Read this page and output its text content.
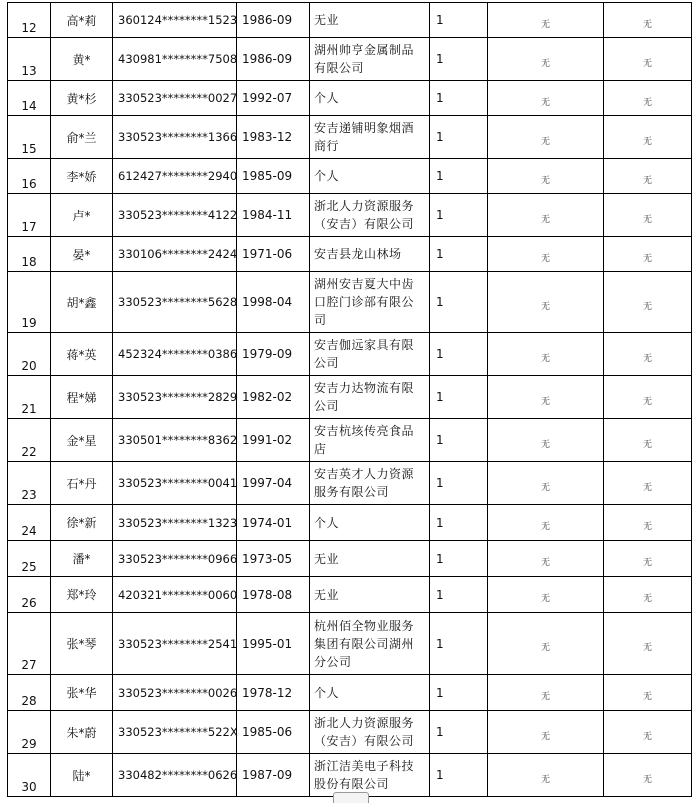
12	高*莉	360124********1523	1986-09	无业	1	无	无
13	黄*	430981********7508	1986-09	湖州帅亨金属制品有限公司	1	无	无
14	黄*杉	330523********0027	1992-07	个人	1	无	无
15	俞*兰	330523********1366	1983-12	安吉递铺明象烟酒商行	1	无	无
16	李*娇	612427********2940	1985-09	个人	1	无	无
17	卢*	330523********4122	1984-11	浙北人力资源服务（安吉）有限公司	1	无	无
18	晏*	330106********2424	1971-06	安吉县龙山林场	1	无	无
19	胡*鑫	330523********5628	1998-04	湖州安吉夏大中齿口腔门诊部有限公司	1	无	无
20	蒋*英	452324********0386	1979-09	安吉伽远家具有限公司	1	无	无
21	程*娣	330523********2829	1982-02	安吉力达物流有限公司	1	无	无
22	金*星	330501********8362	1991-02	安吉杭垓传亮食品店	1	无	无
23	石*丹	330523********0041	1997-04	安吉英才人力资源服务有限公司	1	无	无
24	徐*新	330523********1323	1974-01	个人	1	无	无
25	潘*	330523********0966	1973-05	无业	1	无	无
26	郑*玲	420321********0060	1978-08	无业	1	无	无
27	张*琴	330523********2541	1995-01	杭州佰全物业服务集团有限公司湖州分公司	1	无	无
28	张*华	330523********0026	1978-12	个人	1	无	无
29	朱*蔚	330523********522X	1985-06	浙北人力资源服务（安吉）有限公司	1	无	无
30	陆*	330482********0626	1987-09	浙江洁美电子科技股份有限公司	1	无	无
